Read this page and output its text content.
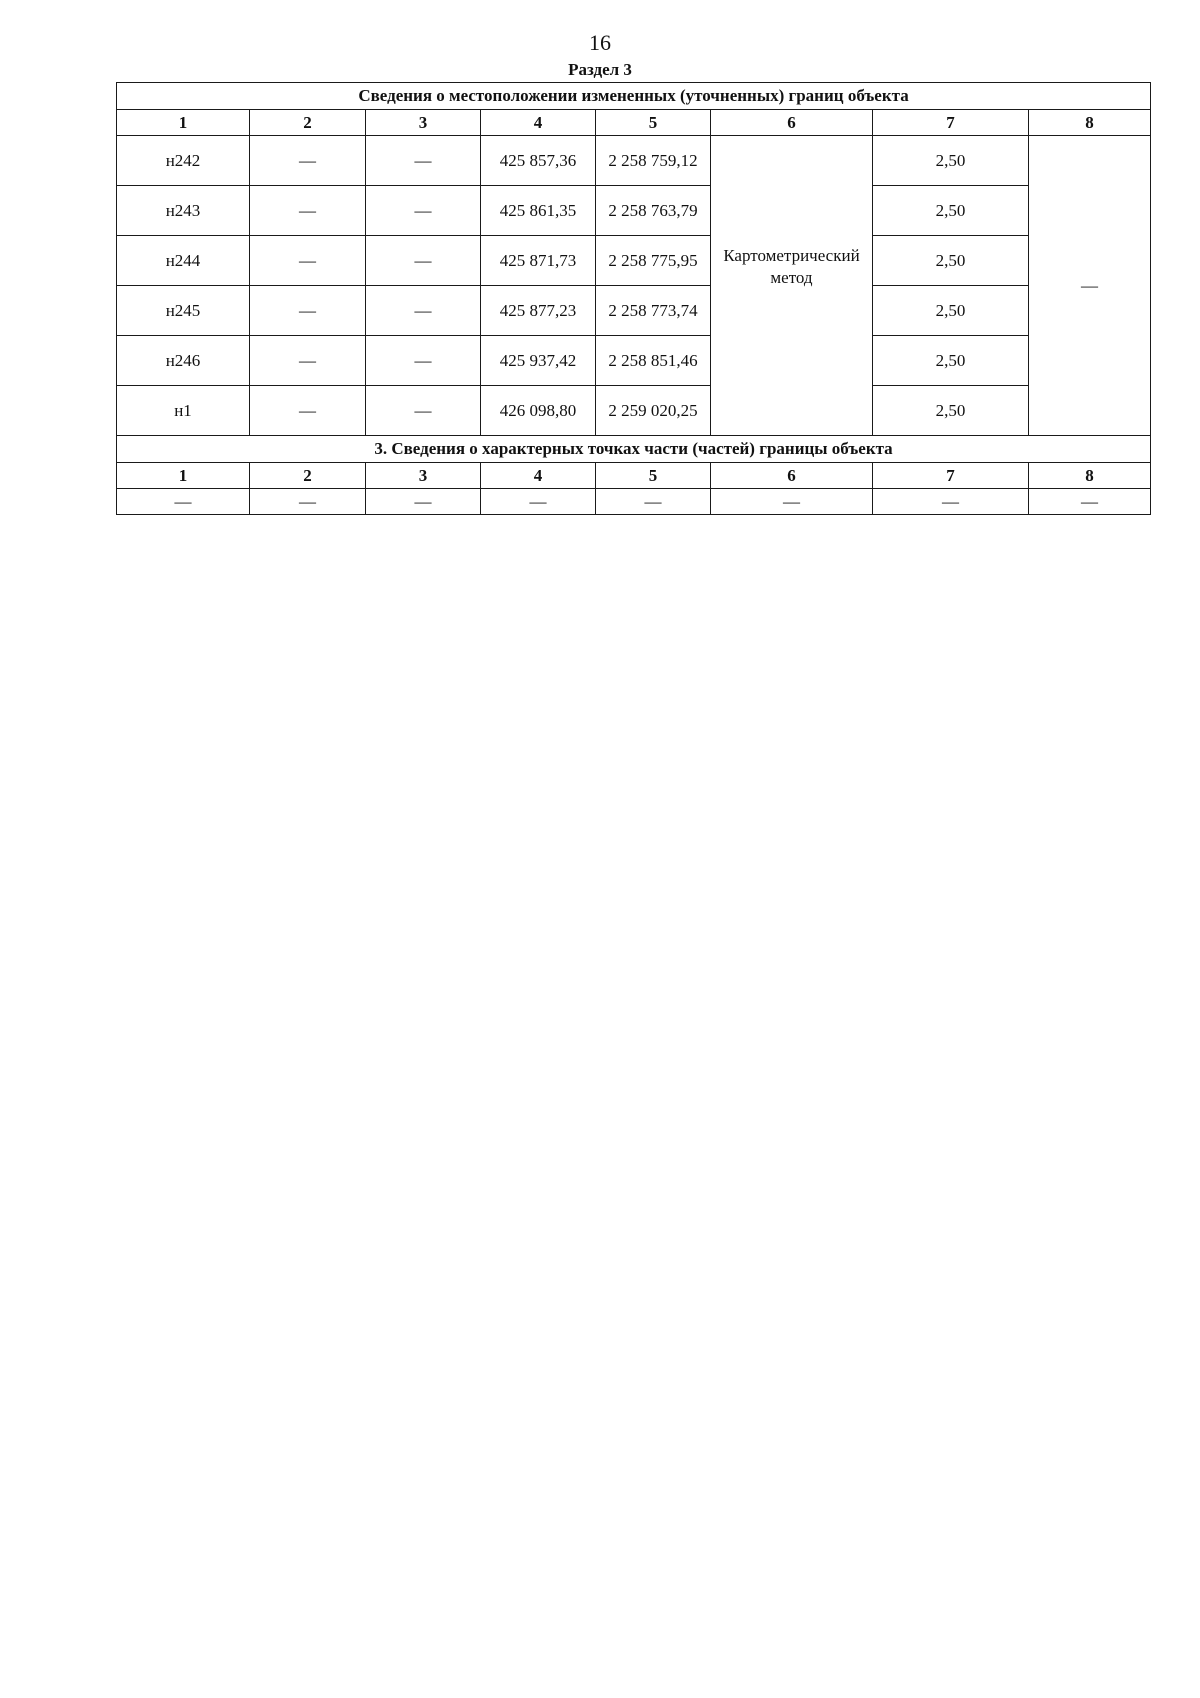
16
Раздел 3
Сведения о местоположении измененных (уточненных) границ объекта							
1	2	3	4	5	6	7	8
н242	—	—	425 857,36	2 258 759,12	Картометрический метод	2,50	—
н243	—	—	425 861,35	2 258 763,79		2,50	
н244	—	—	425 871,73	2 258 775,95		2,50	
н245	—	—	425 877,23	2 258 773,74		2,50	
н246	—	—	425 937,42	2 258 851,46		2,50	
н1	—	—	426 098,80	2 259 020,25		2,50	
3. Сведения о характерных точках части (частей) границы объекта							
1	2	3	4	5	6	7	8
—	—	—	—	—	—	—	—
